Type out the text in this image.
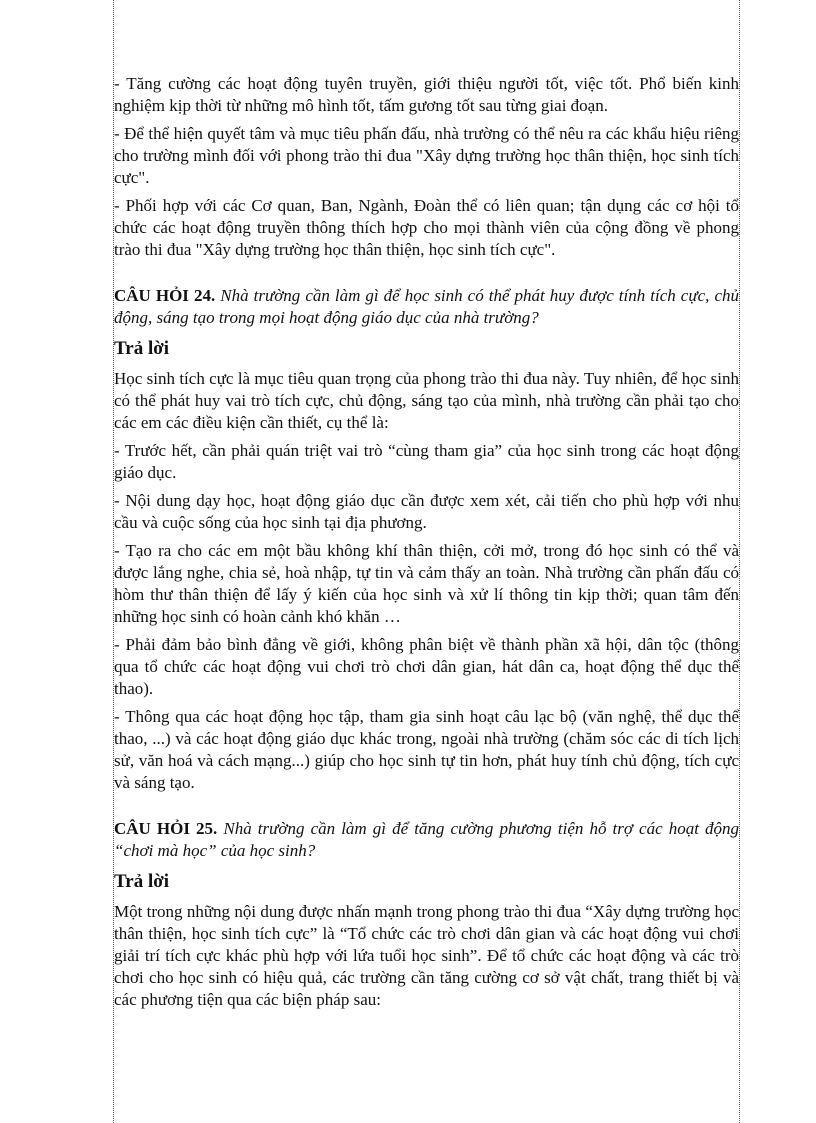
- Tăng cường các hoạt động tuyên truyền, giới thiệu người tốt, việc tốt. Phổ biến kinh nghiệm kịp thời từ những mô hình tốt, tấm gương tốt sau từng giai đoạn.

- Để thể hiện quyết tâm và mục tiêu phấn đấu, nhà trường có thể nêu ra các khẩu hiệu riêng cho trường mình đối với phong trào thi đua "Xây dựng trường học thân thiện, học sinh tích cực".

- Phối hợp với các Cơ quan, Ban, Ngành, Đoàn thể có liên quan; tận dụng các cơ hội tổ chức các hoạt động truyền thông thích hợp cho mọi thành viên của cộng đồng về phong trào thi đua "Xây dựng trường học thân thiện, học sinh tích cực".

CÂU HỎI 24. Nhà trường cần làm gì để học sinh có thể phát huy được tính tích cực, chủ động, sáng tạo trong mọi hoạt động giáo dục của nhà trường?

Trả lời

Học sinh tích cực là mục tiêu quan trọng của phong trào thi đua này. Tuy nhiên, để học sinh có thể phát huy vai trò tích cực, chủ động, sáng tạo của mình, nhà trường cần phải tạo cho các em các điều kiện cần thiết, cụ thể là:

- Trước hết, cần phải quán triệt vai trò “cùng tham gia” của học sinh trong các hoạt động giáo dục.

- Nội dung dạy học, hoạt động giáo dục cần được xem xét, cải tiến cho phù hợp với nhu cầu và cuộc sống của học sinh tại địa phương.

- Tạo ra cho các em một bầu không khí thân thiện, cởi mở, trong đó học sinh có thể và được lắng nghe, chia sẻ, hoà nhập, tự tin và cảm thấy an toàn. Nhà trường cần phấn đấu có hòm thư thân thiện để lấy ý kiến của học sinh và xử lí thông tin kịp thời; quan tâm đến những học sinh có hoàn cảnh khó khăn …

- Phải đảm bảo bình đẳng về giới, không phân biệt về thành phần xã hội, dân tộc (thông qua tổ chức các hoạt động vui chơi trò chơi dân gian, hát dân ca, hoạt động thể dục thể thao).

- Thông qua các hoạt động học tập, tham gia sinh hoạt câu lạc bộ (văn nghệ, thể dục thể thao, ...) và các hoạt động giáo dục khác trong, ngoài nhà trường (chăm sóc các di tích lịch sử, văn hoá và cách mạng...) giúp cho học sinh tự tin hơn, phát huy tính chủ động, tích cực và sáng tạo.

CÂU HỎI 25. Nhà trường cần làm gì để tăng cường phương tiện hỗ trợ các hoạt động “chơi mà học” của học sinh?

Trả lời

Một trong những nội dung được nhấn mạnh trong phong trào thi đua “Xây dựng trường học thân thiện, học sinh tích cực” là “Tổ chức các trò chơi dân gian và các hoạt động vui chơi giải trí tích cực khác phù hợp với lứa tuổi học sinh”. Để tổ chức các hoạt động và các trò chơi cho học sinh có hiệu quả, các trường cần tăng cường cơ sở vật chất, trang thiết bị và các phương tiện qua các biện pháp sau:
